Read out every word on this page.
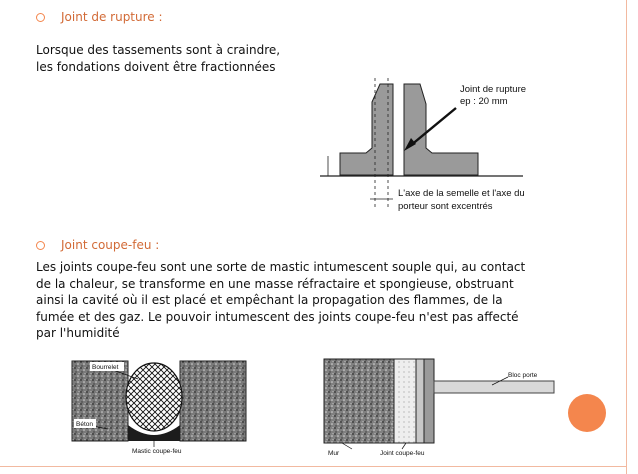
Joint de rupture :
Lorsque des tassements sont à craindre,
les fondations doivent être fractionnées
Joint de rupture
ep : 20 mm
L'axe de la semelle et l'axe du
porteur sont excentrés
Joint coupe-feu :
Les joints coupe-feu sont une sorte de mastic intumescent souple qui, au contact
de la chaleur, se transforme en une masse réfractaire et spongieuse, obstruant
ainsi la cavité où il est placé et empêchant la propagation des flammes, de la
fumée et des gaz. Le pouvoir intumescent des joints coupe-feu n'est pas affecté
par l'humidité
Bourrelet
Béton
Mastic coupe-feu
Bloc porte
Mur	Joint coupe-feu
